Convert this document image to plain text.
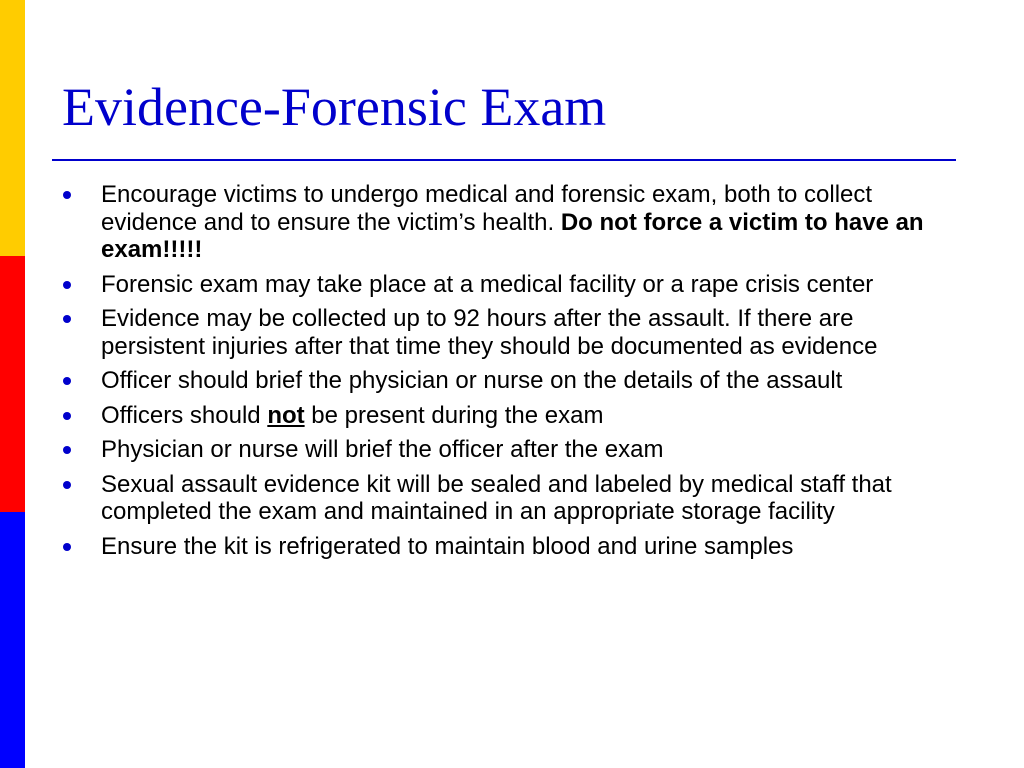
Evidence-Forensic Exam
Encourage victims to undergo medical and forensic exam, both to collect evidence and to ensure the victim’s health. Do not force a victim to have an exam!!!!!
Forensic exam may take place at a medical facility or a rape crisis center
Evidence may be collected up to 92 hours after the assault. If there are persistent injuries after that time they should be documented as evidence
Officer should brief the physician or nurse on the details of the assault
Officers should not be present during the exam
Physician or nurse will brief the officer after the exam
Sexual assault evidence kit will be sealed and labeled by medical staff that completed the exam and maintained in an appropriate storage facility
Ensure the kit is refrigerated to maintain blood and urine samples
